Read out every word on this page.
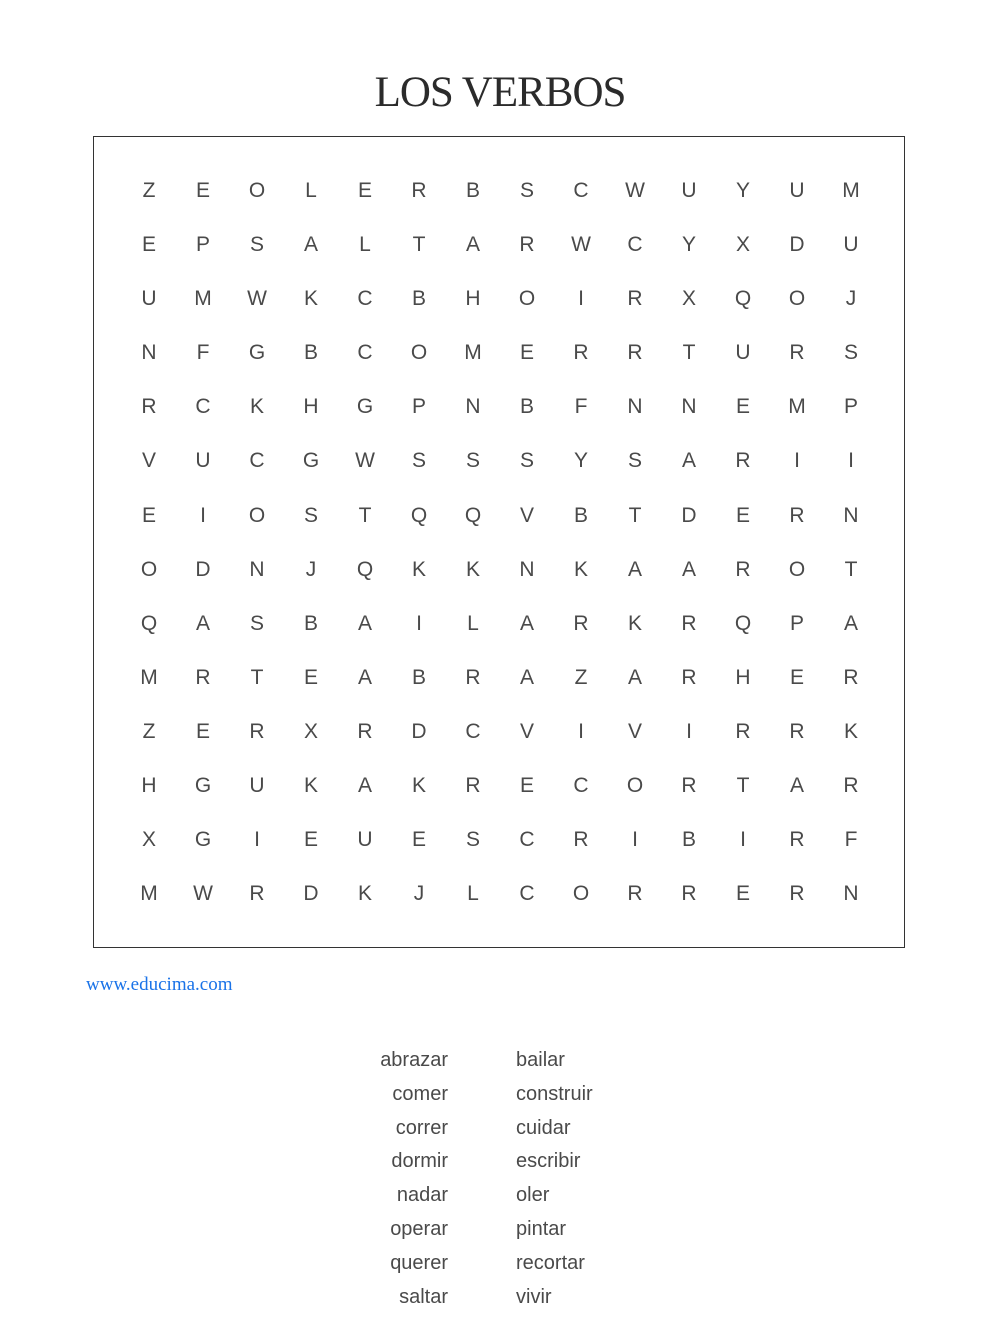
LOS VERBOS
Z	E	O	L	E	R	B	S	C	W	U	Y	U	M
E	P	S	A	L	T	A	R	W	C	Y	X	D	U
U	M	W	K	C	B	H	O	I	R	X	Q	O	J
N	F	G	B	C	O	M	E	R	R	T	U	R	S
R	C	K	H	G	P	N	B	F	N	N	E	M	P
V	U	C	G	W	S	S	S	Y	S	A	R	I	I
E	I	O	S	T	Q	Q	V	B	T	D	E	R	N
O	D	N	J	Q	K	K	N	K	A	A	R	O	T
Q	A	S	B	A	I	L	A	R	K	R	Q	P	A
M	R	T	E	A	B	R	A	Z	A	R	H	E	R
Z	E	R	X	R	D	C	V	I	V	I	R	R	K
H	G	U	K	A	K	R	E	C	O	R	T	A	R
X	G	I	E	U	E	S	C	R	I	B	I	R	F
M	W	R	D	K	J	L	C	O	R	R	E	R	N
www.educima.com
abrazar
comer
correr
dormir
nadar
operar
querer
saltar
bailar
construir
cuidar
escribir
oler
pintar
recortar
vivir
